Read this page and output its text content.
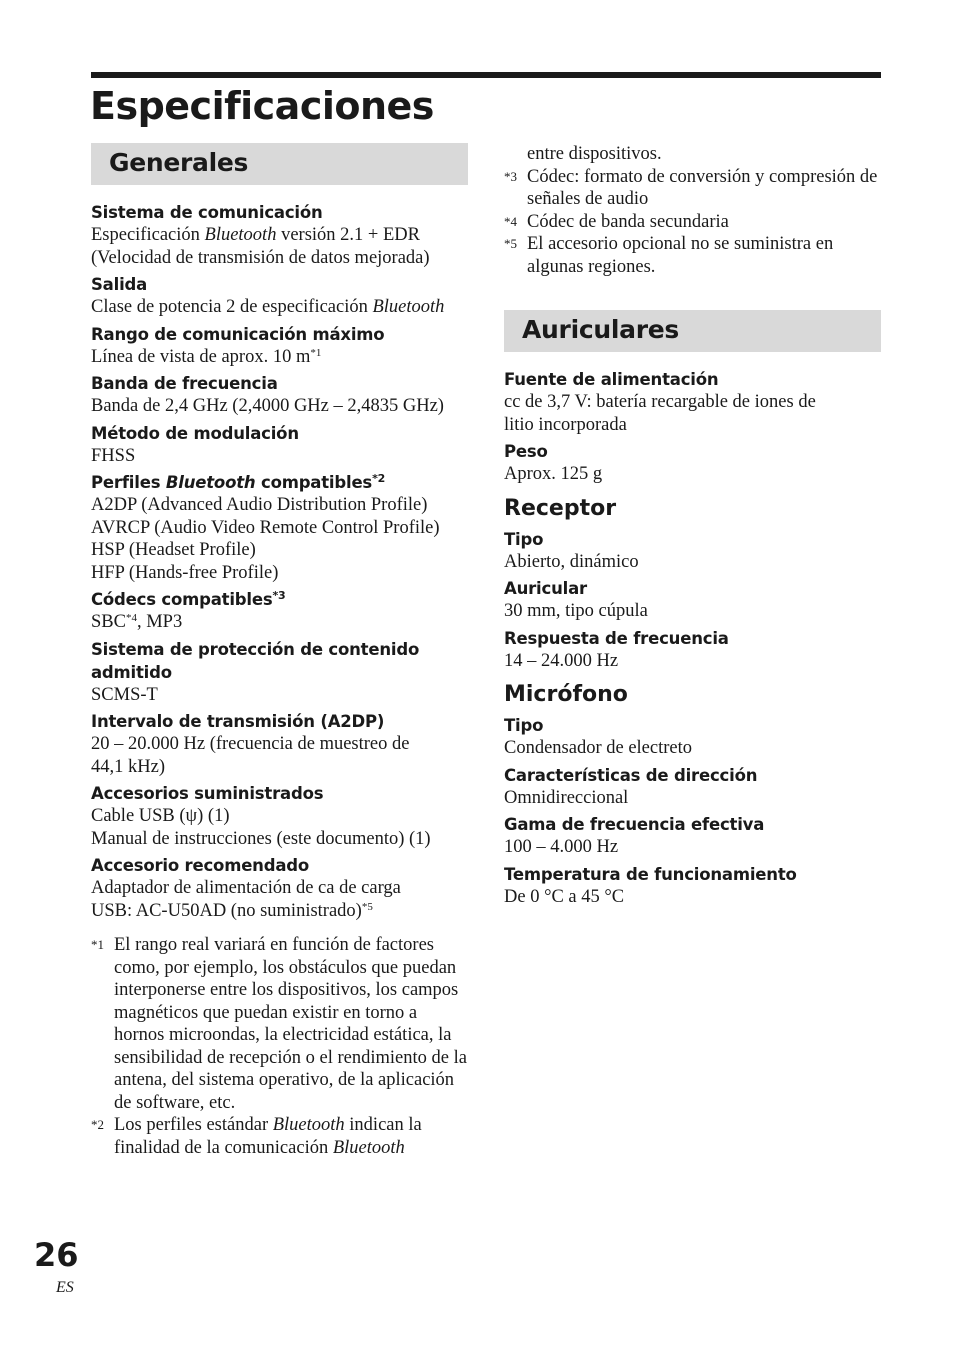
Especificaciones
Generales
Sistema de comunicación
Especificación Bluetooth versión 2.1 + EDR
(Velocidad de transmisión de datos mejorada)
Salida
Clase de potencia 2 de especificación Bluetooth
Rango de comunicación máximo
Línea de vista de aprox. 10 $m^{*1}$
Banda de frecuencia
Banda de 2,4 GHz (2,4000 GHz – 2,4835 GHz)
Método de modulación
FHSS
Perfiles Bluetooth compatibles$^{*2}$
A2DP (Advanced Audio Distribution Profile)
AVRCP (Audio Video Remote Control Profile)
HSP (Headset Profile)
HFP (Hands-free Profile)
Códecs compatibles$^{*3}$
SBC$^{*4}$, MP3
Sistema de protección de contenido admitido
SCMS-T
Intervalo de transmisión (A2DP)
20 – 20.000 Hz (frecuencia de muestreo de
44,1 kHz)
Accesorios suministrados
Cable USB (ψ) (1)
Manual de instrucciones (este documento) (1)
Accesorio recomendado
Adaptador de alimentación de ca de carga
USB: AC-U50AD (no suministrado)$^{*5}$
*1 El rango real variará en función de factores como, por ejemplo, los obstáculos que puedan interponerse entre los dispositivos, los campos magnéticos que puedan existir en torno a hornos microondas, la electricidad estática, la sensibilidad de recepción o el rendimiento de la antena, del sistema operativo, de la aplicación de software, etc.
*2 Los perfiles estándar Bluetooth indican la finalidad de la comunicación Bluetooth
entre dispositivos.
*3 Códec: formato de conversión y compresión de señales de audio
*4 Códec de banda secundaria
*5 El accesorio opcional no se suministra en algunas regiones.
Auriculares
Fuente de alimentación
cc de 3,7 V: batería recargable de iones de
litio incorporada
Peso
Aprox. 125 g
Receptor
Tipo
Abierto, dinámico
Auricular
30 mm, tipo cúpula
Respuesta de frecuencia
14 – 24.000 Hz
Micrófono
Tipo
Condensador de electreto
Características de dirección
Omnidireccional
Gama de frecuencia efectiva
100 – 4.000 Hz
Temperatura de funcionamiento
De 0 °C a 45 °C
26
ES
